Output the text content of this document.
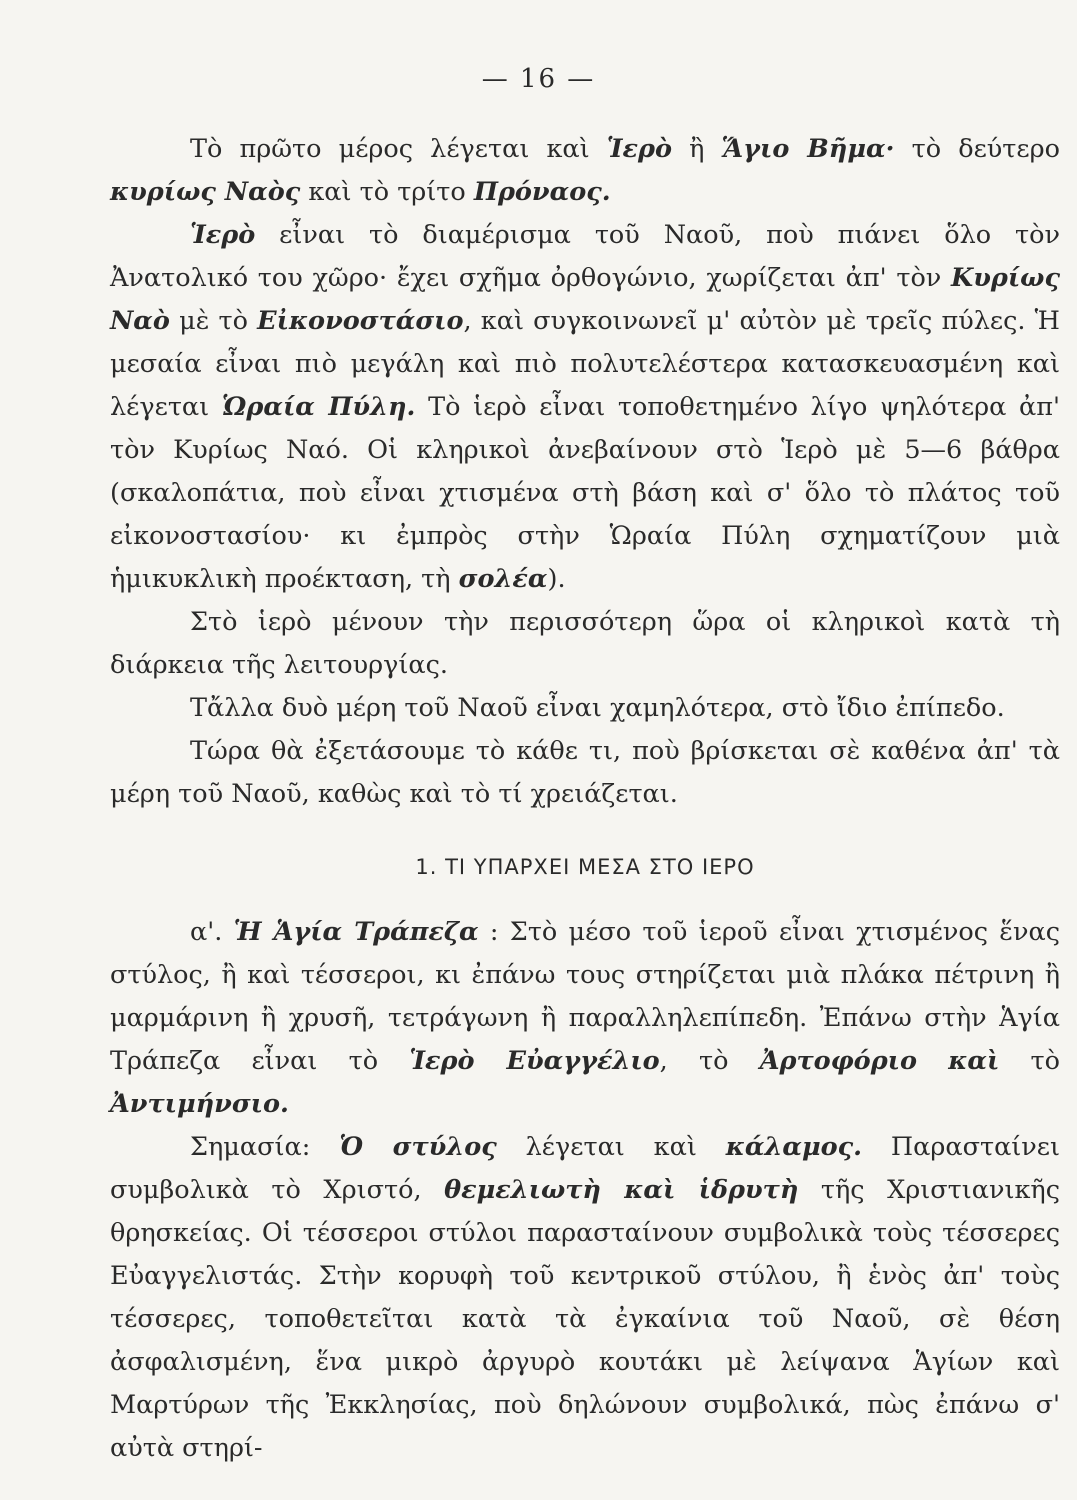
— 16 —

Τὸ πρῶτο μέρος λέγεται καὶ Ἱερὸ ἢ Ἅγιο Βῆμα· τὸ δεύτερο κυρίως Ναὸς καὶ τὸ τρίτο Πρόναος.

Ἱερὸ εἶναι τὸ διαμέρισμα τοῦ Ναοῦ, ποὺ πιάνει ὅλο τὸν Ἀνατολικό του χῶρο· ἔχει σχῆμα ὀρθογώνιο, χωρίζεται ἀπ' τὸν Κυρίως Ναὸ μὲ τὸ Εἰκονοστάσιο, καὶ συγκοινωνεῖ μ' αὐτὸν μὲ τρεῖς πύλες. Ἡ μεσαία εἶναι πιὸ μεγάλη καὶ πιὸ πολυτελέστερα κατασκευασμένη καὶ λέγεται Ὡραία Πύλη. Τὸ ἱερὸ εἶναι τοποθετημένο λίγο ψηλότερα ἀπ' τὸν Κυρίως Ναό. Οἱ κληρικοὶ ἀνεβαίνουν στὸ Ἱερὸ μὲ 5—6 βάθρα (σκαλοπάτια, ποὺ εἶναι χτισμένα στὴ βάση καὶ σ' ὅλο τὸ πλάτος τοῦ εἰκονοστασίου· κι ἐμπρὸς στὴν Ὡραία Πύλη σχηματίζουν μιὰ ἡμικυκλικὴ προέκταση, τὴ σολέα).

Στὸ ἱερὸ μένουν τὴν περισσότερη ὥρα οἱ κληρικοὶ κατὰ τὴ διάρκεια τῆς λειτουργίας.

Τἄλλα δυὸ μέρη τοῦ Ναοῦ εἶναι χαμηλότερα, στὸ ἴδιο ἐπίπεδο.

Τώρα θὰ ἐξετάσουμε τὸ κάθε τι, ποὺ βρίσκεται σὲ καθένα ἀπ' τὰ μέρη τοῦ Ναοῦ, καθὼς καὶ τὸ τί χρειάζεται.

1. ΤΙ ΥΠΑΡΧΕΙ ΜΕΣΑ ΣΤΟ ΙΕΡΟ

α'. Ἡ Ἁγία Τράπεζα : Στὸ μέσο τοῦ ἱεροῦ εἶναι χτισμένος ἕνας στύλος, ἢ καὶ τέσσεροι, κι ἐπάνω τους στηρίζεται μιὰ πλάκα πέτρινη ἢ μαρμάρινη ἢ χρυσῆ, τετράγωνη ἢ παραλληλεπίπεδη. Ἐπάνω στὴν Ἁγία Τράπεζα εἶναι τὸ Ἱερὸ Εὐαγγέλιο, τὸ Ἀρτοφόριο καὶ τὸ Ἀντιμήνσιο.

Σημασία: Ὁ στύλος λέγεται καὶ κάλαμος. Παρασταίνει συμβολικὰ τὸ Χριστό, θεμελιωτὴ καὶ ἱδρυτὴ τῆς Χριστιανικῆς θρησκείας. Οἱ τέσσεροι στύλοι παρασταίνουν συμβολικὰ τοὺς τέσσερες Εὐαγγελιστάς. Στὴν κορυφὴ τοῦ κεντρικοῦ στύλου, ἢ ἑνὸς ἀπ' τοὺς τέσσερες, τοποθετεῖται κατὰ τὰ ἐγκαίνια τοῦ Ναοῦ, σὲ θέση ἀσφαλισμένη, ἕνα μικρὸ ἀργυρὸ κουτάκι μὲ λείψανα Ἁγίων καὶ Μαρτύρων τῆς Ἐκκλησίας, ποὺ δηλώνουν συμβολικά, πὼς ἐπάνω σ' αὐτὰ στηρί-
